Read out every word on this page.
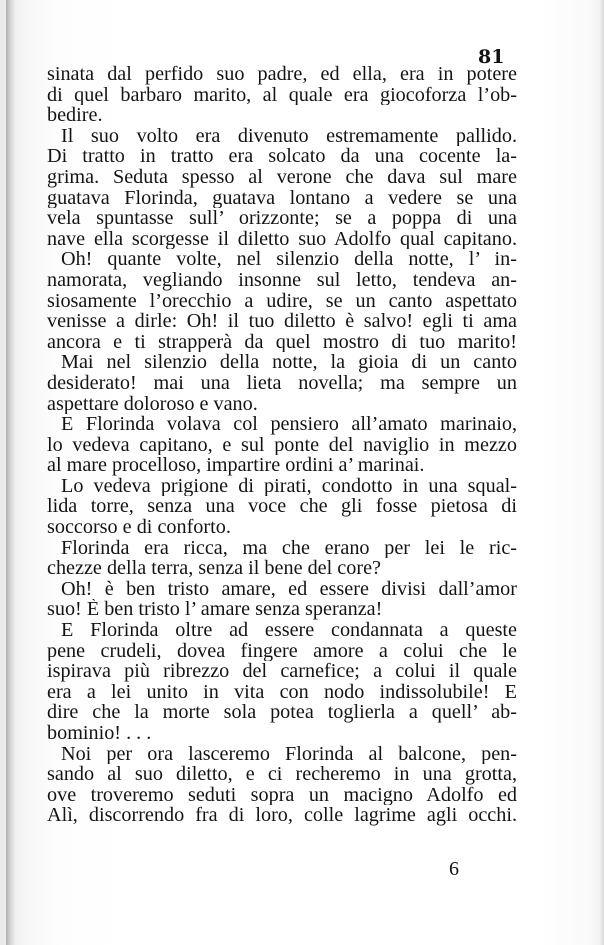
81
sinata dal perfido suo padre, ed ella, era in potere
di quel barbaro marito, al quale era giocoforza l’ob-
bedire.
Il suo volto era divenuto estremamente pallido.
Di tratto in tratto era solcato da una cocente la-
grima. Seduta spesso al verone che dava sul mare
guatava Florinda, guatava lontano a vedere se una
vela spuntasse sull’ orizzonte; se a poppa di una
nave ella scorgesse il diletto suo Adolfo qual capitano.
Oh! quante volte, nel silenzio della notte, l’ in-
namorata, vegliando insonne sul letto, tendeva an-
siosamente l’orecchio a udire, se un canto aspettato
venisse a dirle: Oh! il tuo diletto è salvo! egli ti ama
ancora e ti strapperà da quel mostro di tuo marito!
Mai nel silenzio della notte, la gioia di un canto
desiderato! mai una lieta novella; ma sempre un
aspettare doloroso e vano.
E Florinda volava col pensiero all’amato marinaio,
lo vedeva capitano, e sul ponte del naviglio in mezzo
al mare procelloso, impartire ordini a’ marinai.
Lo vedeva prigione di pirati, condotto in una squal-
lida torre, senza una voce che gli fosse pietosa di
soccorso e di conforto.
Florinda era ricca, ma che erano per lei le ric-
chezze della terra, senza il bene del core?
Oh! è ben tristo amare, ed essere divisi dall’amor
suo! È ben tristo l’ amare senza speranza!
E Florinda oltre ad essere condannata a queste
pene crudeli, dovea fingere amore a colui che le
ispirava più ribrezzo del carnefice; a colui il quale
era a lei unito in vita con nodo indissolubile! E
dire che la morte sola potea toglierla a quell’ ab-
bominio! . . .
Noi per ora lasceremo Florinda al balcone, pen-
sando al suo diletto, e ci recheremo in una grotta,
ove troveremo seduti sopra un macigno Adolfo ed
Alì, discorrendo fra di loro, colle lagrime agli occhi.
6
